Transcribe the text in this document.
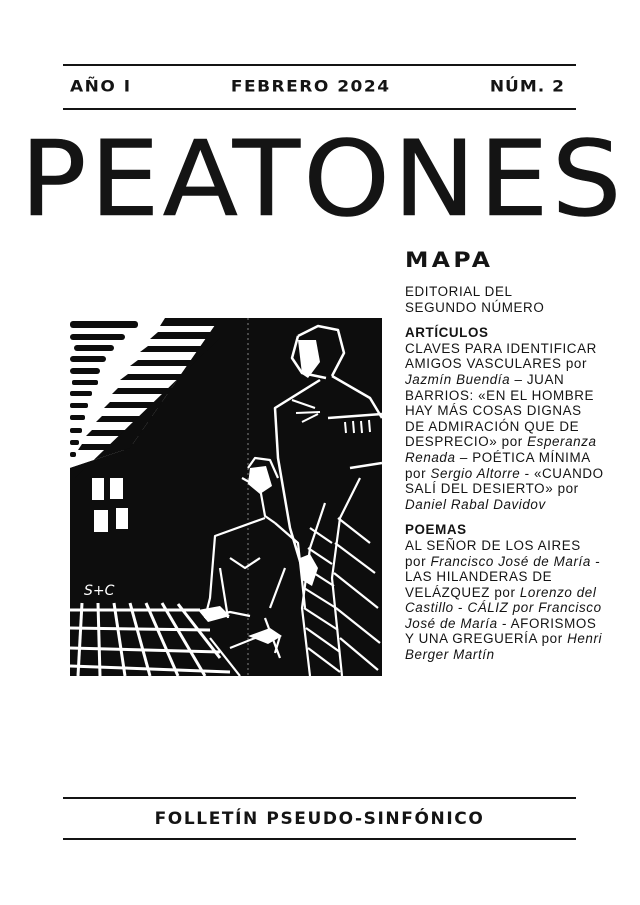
AÑO I	FEBRERO 2024	NÚM. 2
PEATONES
S+C
MAPA
EDITORIAL DEL SEGUNDO NÚMERO
ARTÍCULOS
CLAVES PARA IDENTIFICAR AMIGOS VASCULARES por Jazmín Buendía – JUAN BARRIOS: «EN EL HOMBRE HAY MÁS COSAS DIGNAS DE ADMIRACIÓN QUE DE DESPRECIO» por Esperanza Renada – POÉTICA MÍNIMA por Sergio Altorre - «CUANDO SALÍ DEL DESIERTO» por Daniel Rabal Davidov
POEMAS
AL SEÑOR DE LOS AIRES por Francisco José de María - LAS HILANDERAS DE VELÁZQUEZ por Lorenzo del Castillo - CÁLIZ por Francisco José de María - AFORISMOS Y UNA GREGUERÍA por Henri Berger Martín
FOLLETÍN PSEUDO-SINFÓNICO
